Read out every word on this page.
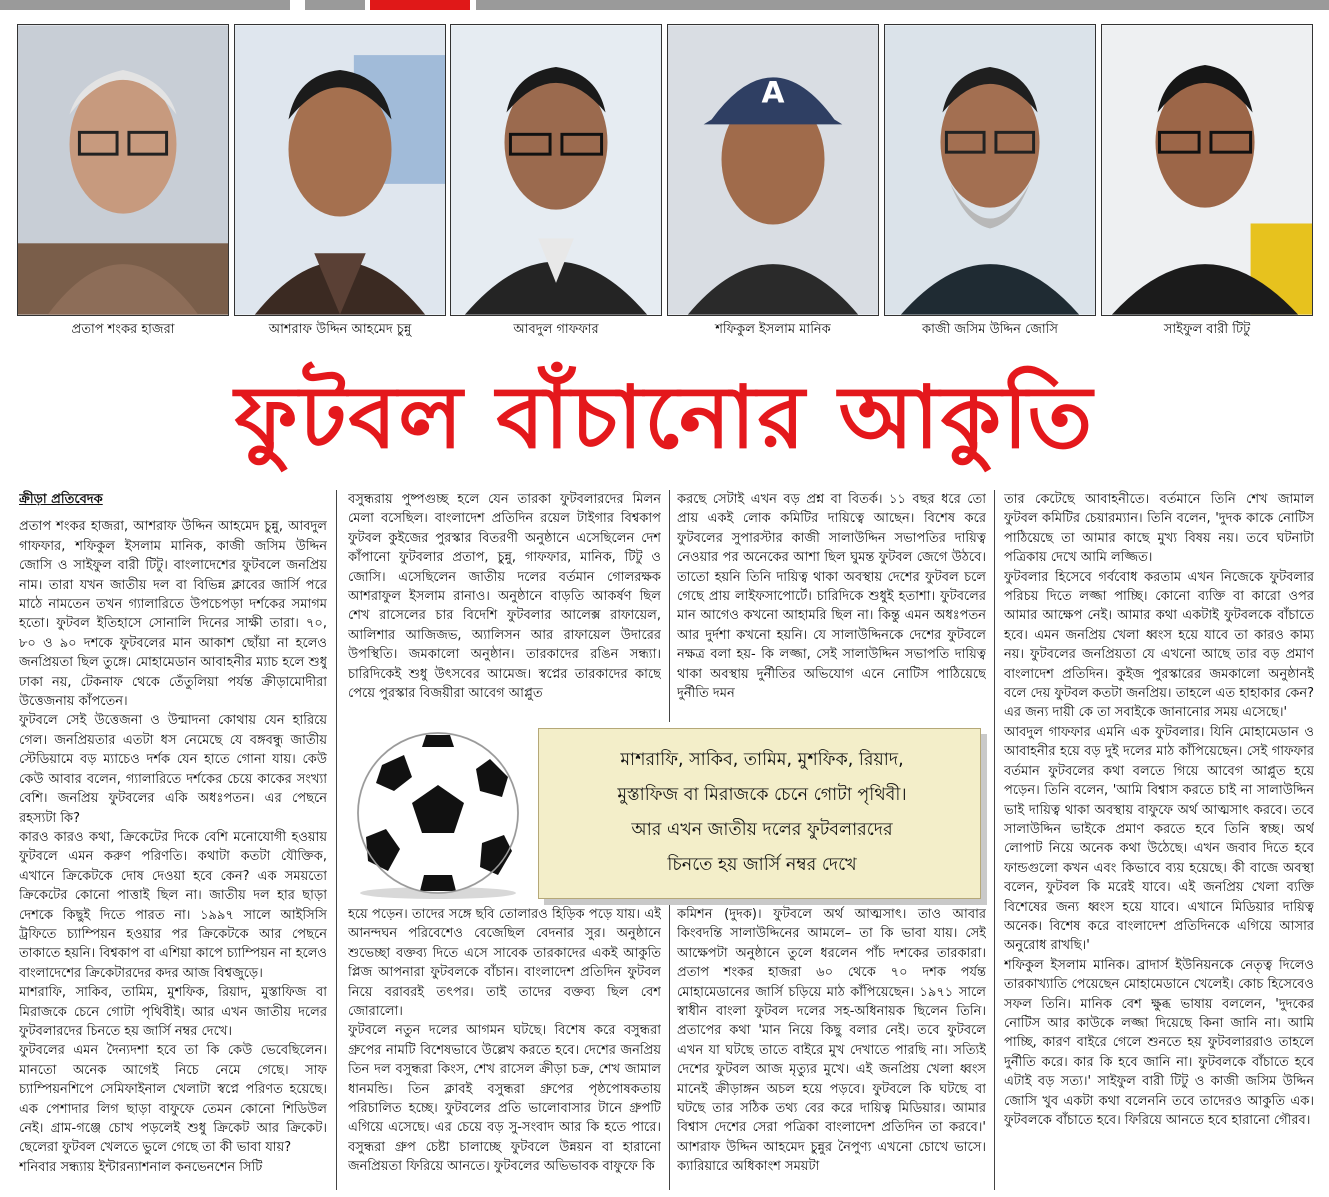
প্রতাপ শংকর হাজরা	আশরাফ উদ্দিন আহমেদ চুন্নু	আবদুল গাফফার
A
শফিকুল ইসলাম মানিক	কাজী জসিম উদ্দিন জোসি	সাইফুল বারী টিটু
ফুটবল বাঁচানোর আকুতি
ক্রীড়া প্রতিবেদক

প্রতাপ শংকর হাজরা, আশরাফ উদ্দিন আহমেদ চুন্নু, আবদুল গাফফার, শফিকুল ইসলাম মানিক, কাজী জসিম উদ্দিন জোসি ও সাইফুল বারী টিটু। বাংলাদেশের ফুটবলে জনপ্রিয় নাম। তারা যখন জাতীয় দল বা বিভিন্ন ক্লাবের জার্সি পরে মাঠে নামতেন তখন গ্যালারিতে উপচেপড়া দর্শকের সমাগম হতো। ফুটবল ইতিহাসে সোনালি দিনের সাক্ষী তারা। ৭০, ৮০ ও ৯০ দশকে ফুটবলের মান আকাশ ছোঁয়া না হলেও জনপ্রিয়তা ছিল তুঙ্গে। মোহামেডান আবাহনীর ম্যাচ হলে শুধু ঢাকা নয়, টেকনাফ থেকে তেঁতুলিয়া পর্যন্ত ক্রীড়ামোদীরা উত্তেজনায় কাঁপতেন।

ফুটবলে সেই উত্তেজনা ও উন্মাদনা কোথায় যেন হারিয়ে গেল। জনপ্রিয়তার এতটা ধস নেমেছে যে বঙ্গবন্ধু জাতীয় স্টেডিয়ামে বড় ম্যাচেও দর্শক যেন হাতে গোনা যায়। কেউ কেউ আবার বলেন, গ্যালারিতে দর্শকের চেয়ে কাকের সংখ্যা বেশি। জনপ্রিয় ফুটবলের একি অধঃপতন। এর পেছনে রহস্যটা কি?

কারও কারও কথা, ক্রিকেটের দিকে বেশি মনোযোগী হওয়ায় ফুটবলে এমন করুণ পরিণতি। কথাটা কতটা যৌক্তিক, এখানে ক্রিকেটকে দোষ দেওয়া হবে কেন? এক সময়তো ক্রিকেটের কোনো পাত্তাই ছিল না। জাতীয় দল হার ছাড়া দেশকে কিছুই দিতে পারত না। ১৯৯৭ সালে আইসিসি ট্রফিতে চ্যাম্পিয়ন হওয়ার পর ক্রিকেটকে আর পেছনে তাকাতে হয়নি। বিশ্বকাপ বা এশিয়া কাপে চ্যাম্পিয়ন না হলেও বাংলাদেশের ক্রিকেটারদের কদর আজ বিশ্বজুড়ে।

মাশরাফি, সাকিব, তামিম, মুশফিক, রিয়াদ, মুস্তাফিজ বা মিরাজকে চেনে গোটা পৃথিবীই। আর এখন জাতীয় দলের ফুটবলারদের চিনতে হয় জার্সি নম্বর দেখে।

ফুটবলের এমন দৈন্যদশা হবে তা কি কেউ ভেবেছিলেন। মানতো অনেক আগেই নিচে নেমে গেছে। সাফ চ্যাম্পিয়নশিপে সেমিফাইনাল খেলাটা স্বপ্নে পরিণত হয়েছে। এক পেশাদার লিগ ছাড়া বাফুফে তেমন কোনো শিডিউল নেই। গ্রাম-গঞ্জে চোখ পড়লেই শুধু ক্রিকেট আর ক্রিকেট। ছেলেরা ফুটবল খেলতে ভুলে গেছে তা কী ভাবা যায়?

শনিবার সন্ধ্যায় ইন্টারন্যাশনাল কনভেনশেন সিটি

বসুন্ধরায় পুষ্পগুচ্ছ হলে যেন তারকা ফুটবলারদের মিলন মেলা বসেছিল। বাংলাদেশ প্রতিদিন রয়েল টাইগার বিশ্বকাপ ফুটবল কুইজের পুরস্কার বিতরণী অনুষ্ঠানে এসেছিলেন দেশ কাঁপানো ফুটবলার প্রতাপ, চুন্নু, গাফফার, মানিক, টিটু ও জোসি। এসেছিলেন জাতীয় দলের বর্তমান গোলরক্ষক আশরাফুল ইসলাম রানাও। অনুষ্ঠানে বাড়তি আকর্ষণ ছিল শেখ রাসেলের চার বিদেশি ফুটবলার আলেক্স রাফায়েল, আলিশার আজিজভ, অ্যালিসন আর রাফায়েল উদারের উপস্থিতি। জমকালো অনুষ্ঠান। তারকাদের রঙিন সন্ধ্যা। চারিদিকেই শুধু উৎসবের আমেজ। স্বপ্নের তারকাদের কাছে পেয়ে পুরস্কার বিজয়ীরা আবেগ আপ্লুত

করছে সেটাই এখন বড় প্রশ্ন বা বিতর্ক। ১১ বছর ধরে তো প্রায় একই লোক কমিটির দায়িত্বে আছেন। বিশেষ করে ফুটবলের সুপারস্টার কাজী সালাউদ্দিন সভাপতির দায়িত্ব নেওয়ার পর অনেকের আশা ছিল ঘুমন্ত ফুটবল জেগে উঠবে। তাতো হয়নি তিনি দায়িত্ব থাকা অবস্থায় দেশের ফুটবল চলে গেছে প্রায় লাইফসাপোর্টে। চারিদিকে শুধুই হতাশা। ফুটবলের মান আগেও কখনো আহামরি ছিল না। কিন্তু এমন অধঃপতন আর দুর্দশা কখনো হয়নি। যে সালাউদ্দিনকে দেশের ফুটবলে নক্ষত্র বলা হয়- কি লজ্জা, সেই সালাউদ্দিন সভাপতি দায়িত্ব থাকা অবস্থায় দুর্নীতির অভিযোগ এনে নোটিস পাঠিয়েছে দুর্নীতি দমন

মাশরাফি, সাকিব, তামিম, মুশফিক, রিয়াদ,
মুস্তাফিজ বা মিরাজকে চেনে গোটা পৃথিবী।
আর এখন জাতীয় দলের ফুটবলারদের
চিনতে হয় জার্সি নম্বর দেখে

হয়ে পড়েন। তাদের সঙ্গে ছবি তোলারও হিড়িক পড়ে যায়। এই আনন্দঘন পরিবেশেও বেজেছিল বেদনার সুর। অনুষ্ঠানে শুভেচ্ছা বক্তব্য দিতে এসে সাবেক তারকাদের একই আকুতি প্লিজ আপনারা ফুটবলকে বাঁচান। বাংলাদেশ প্রতিদিন ফুটবল নিয়ে বরাবরই তৎপর। তাই তাদের বক্তব্য ছিল বেশ জোরালো।

ফুটবলে নতুন দলের আগমন ঘটছে। বিশেষ করে বসুন্ধরা গ্রুপের নামটি বিশেষভাবে উল্লেখ করতে হবে। দেশের জনপ্রিয় তিন দল বসুন্ধরা কিংস, শেখ রাসেল ক্রীড়া চক্র, শেখ জামাল ধানমন্ডি। তিন ক্লাবই বসুন্ধরা গ্রুপের পৃষ্ঠপোষকতায় পরিচালিত হচ্ছে। ফুটবলের প্রতি ভালোবাসার টানে গ্রুপটি এগিয়ে এসেছে। এর চেয়ে বড় সু-সংবাদ আর কি হতে পারে। বসুন্ধরা গ্রুপ চেষ্টা চালাচ্ছে ফুটবলে উন্নয়ন বা হারানো জনপ্রিয়তা ফিরিয়ে আনতে। ফুটবলের অভিভাবক বাফুফে কি

কমিশন (দুদক)। ফুটবলে অর্থ আত্মসাৎ। তাও আবার কিংবদন্তি সালাউদ্দিনের আমলে– তা কি ভাবা যায়। সেই আক্ষেপটা অনুষ্ঠানে তুলে ধরলেন পাঁচ দশকের তারকারা। প্রতাপ শংকর হাজরা ৬০ থেকে ৭০ দশক পর্যন্ত মোহামেডানের জার্সি চড়িয়ে মাঠ কাঁপিয়েছেন। ১৯৭১ সালে স্বাধীন বাংলা ফুটবল দলের সহ-অধিনায়ক ছিলেন তিনি। প্রতাপের কথা 'মান নিয়ে কিছু বলার নেই। তবে ফুটবলে এখন যা ঘটছে তাতে বাইরে মুখ দেখাতে পারছি না। সত্যিই দেশের ফুটবল আজ মৃত্যুর মুখে। এই জনপ্রিয় খেলা ধ্বংস মানেই ক্রীড়াঙ্গন অচল হয়ে পড়বে। ফুটবলে কি ঘটছে বা ঘটছে তার সঠিক তথ্য বের করে দায়িত্ব মিডিয়ার। আমার বিশ্বাস দেশের সেরা পত্রিকা বাংলাদেশ প্রতিদিন তা করবে।' আশরাফ উদ্দিন আহমেদ চুন্নুর নৈপুণ্য এখনো চোখে ভাসে। ক্যারিয়ারে অধিকাংশ সময়টা

তার কেটেছে আবাহনীতে। বর্তমানে তিনি শেখ জামাল ফুটবল কমিটির চেয়ারম্যান। তিনি বলেন, 'দুদক কাকে নোটিস পাঠিয়েছে তা আমার কাছে মুখ্য বিষয় নয়। তবে ঘটনাটা পত্রিকায় দেখে আমি লজ্জিত।

ফুটবলার হিসেবে গর্ববোধ করতাম এখন নিজেকে ফুটবলার পরিচয় দিতে লজ্জা পাচ্ছি। কোনো ব্যক্তি বা কারো ওপর আমার আক্ষেপ নেই। আমার কথা একটাই ফুটবলকে বাঁচাতে হবে। এমন জনপ্রিয় খেলা ধ্বংস হয়ে যাবে তা কারও কাম্য নয়। ফুটবলের জনপ্রিয়তা যে এখনো আছে তার বড় প্রমাণ বাংলাদেশ প্রতিদিন। কুইজ পুরস্কারের জমকালো অনুষ্ঠানই বলে দেয় ফুটবল কতটা জনপ্রিয়। তাহলে এত হাহাকার কেন? এর জন্য দায়ী কে তা সবাইকে জানানোর সময় এসেছে।'

আবদুল গাফফার এমনি এক ফুটবলার। যিনি মোহামেডান ও আবাহনীর হয়ে বড় দুই দলের মাঠ কাঁপিয়েছেন। সেই গাফফার বর্তমান ফুটবলের কথা বলতে গিয়ে আবেগ আপ্লুত হয়ে পড়েন। তিনি বলেন, 'আমি বিশ্বাস করতে চাই না সালাউদ্দিন ভাই দায়িত্ব থাকা অবস্থায় বাফুফে অর্থ আত্মসাৎ করবে। তবে সালাউদ্দিন ভাইকে প্রমাণ করতে হবে তিনি স্বচ্ছ। অর্থ লোপাট নিয়ে অনেক কথা উঠেছে। এখন জবাব দিতে হবে ফান্ডগুলো কখন এবং কিভাবে ব্যয় হয়েছে। কী বাজে অবস্থা বলেন, ফুটবল কি মরেই যাবে। এই জনপ্রিয় খেলা ব্যক্তি বিশেষের জন্য ধ্বংস হয়ে যাবে। এখানে মিডিয়ার দায়িত্ব অনেক। বিশেষ করে বাংলাদেশ প্রতিদিনকে এগিয়ে আসার অনুরোধ রাখছি।'

শফিকুল ইসলাম মানিক। ব্রাদার্স ইউনিয়নকে নেতৃত্ব দিলেও তারকাখ্যাতি পেয়েছেন মোহামেডানে খেলেই। কোচ হিসেবেও সফল তিনি। মানিক বেশ ক্ষুব্ধ ভাষায় বললেন, 'দুদকের নোটিস আর কাউকে লজ্জা দিয়েছে কিনা জানি না। আমি পাচ্ছি, কারণ বাইরে গেলে শুনতে হয় ফুটবলাররাও তাহলে দুর্নীতি করে। কার কি হবে জানি না। ফুটবলকে বাঁচাতে হবে এটাই বড় সত্য।' সাইফুল বারী টিটু ও কাজী জসিম উদ্দিন জোসি খুব একটা কথা বলেননি তবে তাদেরও আকুতি এক। ফুটবলকে বাঁচাতে হবে। ফিরিয়ে আনতে হবে হারানো গৌরব।
